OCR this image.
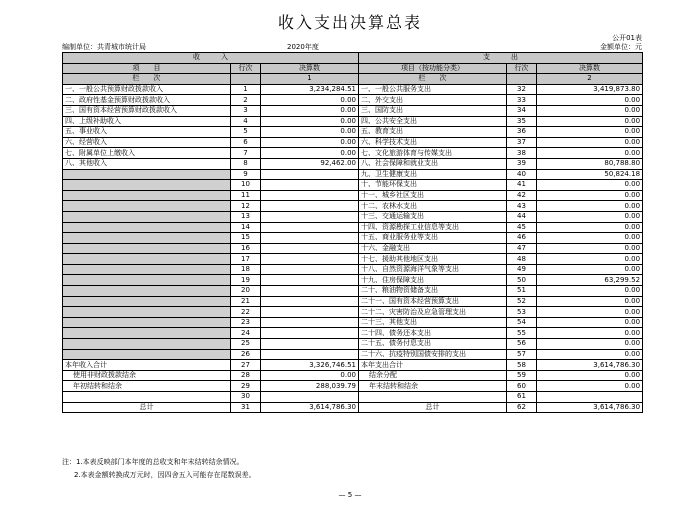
收入支出决算总表
公开01表
编制单位：共青城市统计局	2020年度	金额单位：元
收　　　入			支　　　出		
项　　目	行次	决算数	项目（按功能分类）	行次	决算数
栏　　次		1	栏　　次		2
一、一般公共预算财政拨款收入	1	3,234,284.51	一、一般公共服务支出	32	3,419,873.80
二、政府性基金预算财政拨款收入	2	0.00	二、外交支出	33	0.00
三、国有资本经营预算财政拨款收入	3	0.00	三、国防支出	34	0.00
四、上级补助收入	4	0.00	四、公共安全支出	35	0.00
五、事业收入	5	0.00	五、教育支出	36	0.00
六、经营收入	6	0.00	六、科学技术支出	37	0.00
七、附属单位上缴收入	7	0.00	七、文化旅游体育与传媒支出	38	0.00
八、其他收入	8	92,462.00	八、社会保障和就业支出	39	80,788.80
	9		九、卫生健康支出	40	50,824.18
	10		十、节能环保支出	41	0.00
	11		十一、城乡社区支出	42	0.00
	12		十二、农林水支出	43	0.00
	13		十三、交通运输支出	44	0.00
	14		十四、资源勘探工业信息等支出	45	0.00
	15		十五、商业服务业等支出	46	0.00
	16		十六、金融支出	47	0.00
	17		十七、援助其他地区支出	48	0.00
	18		十八、自然资源海洋气象等支出	49	0.00
	19		十九、住房保障支出	50	63,299.52
	20		二十、粮油物资储备支出	51	0.00
	21		二十一、国有资本经营预算支出	52	0.00
	22		二十二、灾害防治及应急管理支出	53	0.00
	23		二十三、其他支出	54	0.00
	24		二十四、债务还本支出	55	0.00
	25		二十五、债务付息支出	56	0.00
	26		二十六、抗疫特别国债安排的支出	57	0.00
本年收入合计	27	3,326,746.51	本年支出合计	58	3,614,786.30
使用非财政拨款结余	28	0.00	结余分配	59	0.00
年初结转和结余	29	288,039.79	年末结转和结余	60	0.00
	30			61	
总计	31	3,614,786.30	总计	62	3,614,786.30
注：1.本表反映部门本年度的总收支和年末结转结余情况。
2.本表金额转换成万元时，因四舍五入可能存在尾数误差。
— 5 —
